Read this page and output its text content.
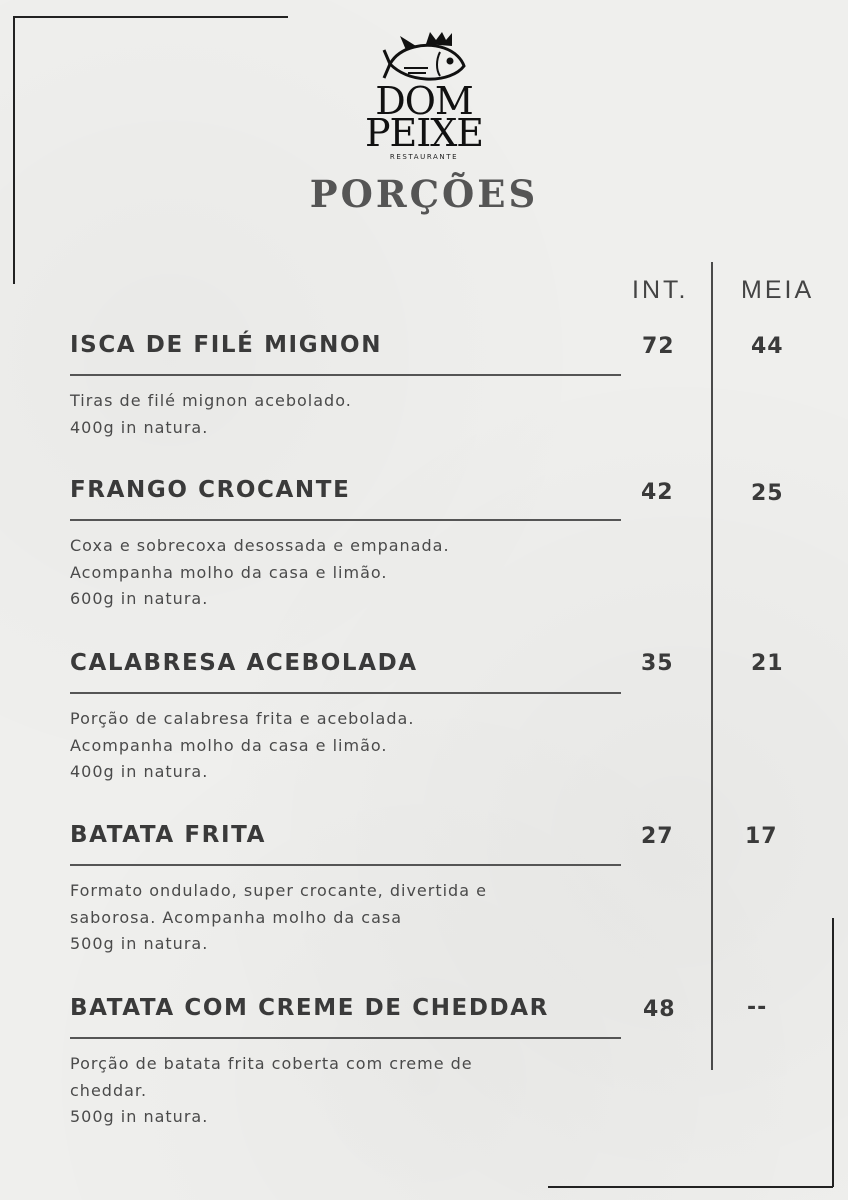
DOM
PEIXE
RESTAURANTE
PORÇÕES
INT. MEIA
ISCA DE FILÉ MIGNON
Tiras de filé mignon acebolado.
400g in natura.
72	44
FRANGO CROCANTE
Coxa e sobrecoxa desossada e empanada.
Acompanha molho da casa e limão.
600g in natura.
42	25
CALABRESA ACEBOLADA
Porção de calabresa frita e acebolada.
Acompanha molho da casa e limão.
400g in natura.
35	21
BATATA FRITA
Formato ondulado, super crocante, divertida e
saborosa. Acompanha molho da casa
500g in natura.
27	17
BATATA COM CREME DE CHEDDAR
Porção de batata frita coberta com creme de
cheddar.
500g in natura.
48	--
